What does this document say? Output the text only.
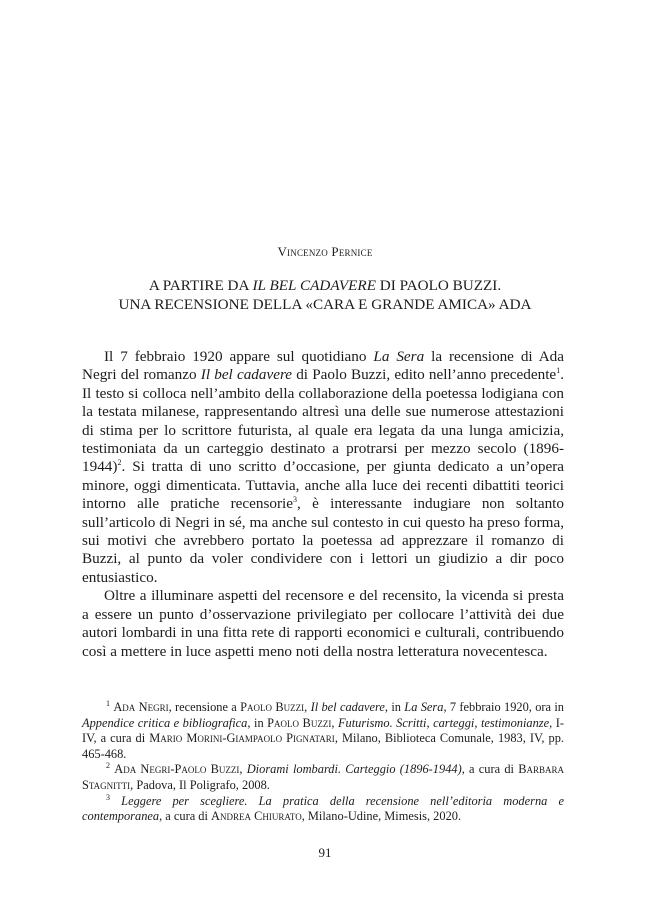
Vincenzo Pernice
A PARTIRE DA IL BEL CADAVERE DI PAOLO BUZZI.
UNA RECENSIONE DELLA «CARA E GRANDE AMICA» ADA

Il 7 febbraio 1920 appare sul quotidiano La Sera la recensione di Ada Negri del romanzo Il bel cadavere di Paolo Buzzi, edito nell’anno precedente$^1$. Il testo si colloca nell’ambito della collaborazione della poetessa lodigiana con la testata milanese, rappresentando altresì una delle sue numerose attestazioni di stima per lo scrittore futurista, al quale era legata da una lunga amicizia, testimoniata da un carteggio destinato a protrarsi per mezzo secolo (1896-1944)$^2$. Si tratta di uno scritto d’occasione, per giunta dedicato a un’opera minore, oggi dimenticata. Tuttavia, anche alla luce dei recenti dibattiti teorici intorno alle pratiche recensorie$^3$, è interessante indugiare non soltanto sull’articolo di Negri in sé, ma anche sul contesto in cui questo ha preso forma, sui motivi che avrebbero portato la poetessa ad apprezzare il romanzo di Buzzi, al punto da voler condividere con i lettori un giudizio a dir poco entusiastico.

Oltre a illuminare aspetti del recensore e del recensito, la vicenda si presta a essere un punto d’osservazione privilegiato per collocare l’attività dei due autori lombardi in una fitta rete di rapporti economici e culturali, contribuendo così a mettere in luce aspetti meno noti della nostra letteratura novecentesca.

$^1$ Ada Negri, recensione a Paolo Buzzi, Il bel cadavere, in La Sera, 7 febbraio 1920, ora in Appendice critica e bibliografica, in Paolo Buzzi, Futurismo. Scritti, carteggi, testimonianze, I-IV, a cura di Mario Morini-Giampaolo Pignatari, Milano, Biblioteca Comunale, 1983, IV, pp. 465-468.

$^2$ Ada Negri-Paolo Buzzi, Diorami lombardi. Carteggio (1896-1944), a cura di Barbara Stagnitti, Padova, Il Poligrafo, 2008.

$^3$ Leggere per scegliere. La pratica della recensione nell’editoria moderna e contemporanea, a cura di Andrea Chiurato, Milano-Udine, Mimesis, 2020.

91
